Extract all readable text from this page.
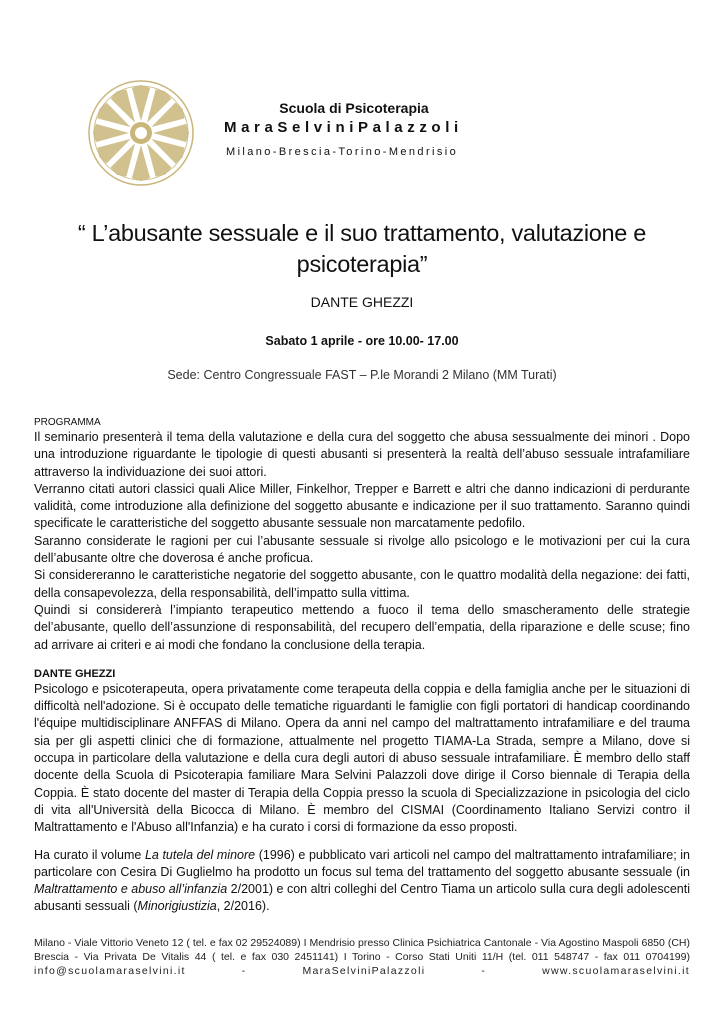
Scuola di Psicoterapia
MaraSelviniPalazzoli
Milano-Brescia-Torino-Mendrisio
“ L’abusante sessuale e il suo trattamento, valutazione e
psicoterapia”
DANTE GHEZZI
Sabato 1 aprile - ore 10.00- 17.00
Sede: Centro Congressuale FAST – P.le Morandi 2 Milano (MM Turati)
PROGRAMMA
Il seminario presenterà il tema della valutazione e della cura del soggetto che abusa sessualmente dei minori . Dopo una introduzione riguardante le tipologie di questi abusanti si presenterà la realtà dell’abuso sessuale intrafamiliare attraverso la individuazione dei suoi attori.
Verranno citati autori classici quali Alice Miller, Finkelhor, Trepper e Barrett e altri che danno indicazioni di perdurante validità, come introduzione alla definizione del soggetto abusante e indicazione per il suo trattamento. Saranno quindi specificate le caratteristiche del soggetto abusante sessuale non marcatamente pedofilo.
Saranno considerate le ragioni per cui l’abusante sessuale si rivolge allo psicologo e le motivazioni per cui la cura dell’abusante oltre che doverosa é anche proficua.
Si considereranno le caratteristiche negatorie del soggetto abusante, con le quattro modalità della negazione: dei fatti, della consapevolezza, della responsabilità, dell’impatto sulla vittima.
Quindi si considererà l’impianto terapeutico mettendo a fuoco il tema dello smascheramento delle strategie del’abusante, quello dell’assunzione di responsabilità, del recupero dell’empatia, della riparazione e delle scuse; fino ad arrivare ai criteri e ai modi che fondano la conclusione della terapia.
DANTE GHEZZI
Psicologo e psicoterapeuta, opera privatamente come terapeuta della coppia e della famiglia anche per le situazioni di difficoltà nell'adozione. Si è occupato delle tematiche riguardanti le famiglie con figli portatori di handicap coordinando l'équipe multidisciplinare ANFFAS di Milano. Opera da anni nel campo del maltrattamento intrafamiliare e del trauma sia per gli aspetti clinici che di formazione, attualmente nel progetto TIAMA-La Strada, sempre a Milano, dove si occupa in particolare della valutazione e della cura degli autori di abuso sessuale intrafamiliare. È membro dello staff docente della Scuola di Psicoterapia familiare Mara Selvini Palazzoli dove dirige il Corso biennale di Terapia della Coppia. È stato docente del master di Terapia della Coppia presso la scuola di Specializzazione in psicologia del ciclo di vita all'Università della Bicocca di Milano. È membro del CISMAI (Coordinamento Italiano Servizi contro il Maltrattamento e l'Abuso all'Infanzia) e ha curato i corsi di formazione da esso proposti.
Ha curato il volume La tutela del minore (1996) e pubblicato vari articoli nel campo del maltrattamento intrafamiliare; in particolare con Cesira Di Guglielmo ha prodotto un focus sul tema del trattamento del soggetto abusante sessuale (in Maltrattamento e abuso all’infanzia 2/2001) e con altri colleghi del Centro Tiama un articolo sulla cura degli adolescenti abusanti sessuali (Minorigiustizia, 2/2016).
Milano - Viale Vittorio Veneto 12 ( tel. e fax 02 29524089) I Mendrisio presso Clinica Psichiatrica Cantonale - Via Agostino Maspoli 6850 (CH)
Brescia - Via Privata De Vitalis 44 ( tel. e fax 030 2451141) I Torino - Corso Stati Uniti 11/H (tel. 011 548747 - fax 011 0704199)
info@scuolamaraselvini.it - MaraSelviniPalazzoli - www.scuolamaraselvini.it
